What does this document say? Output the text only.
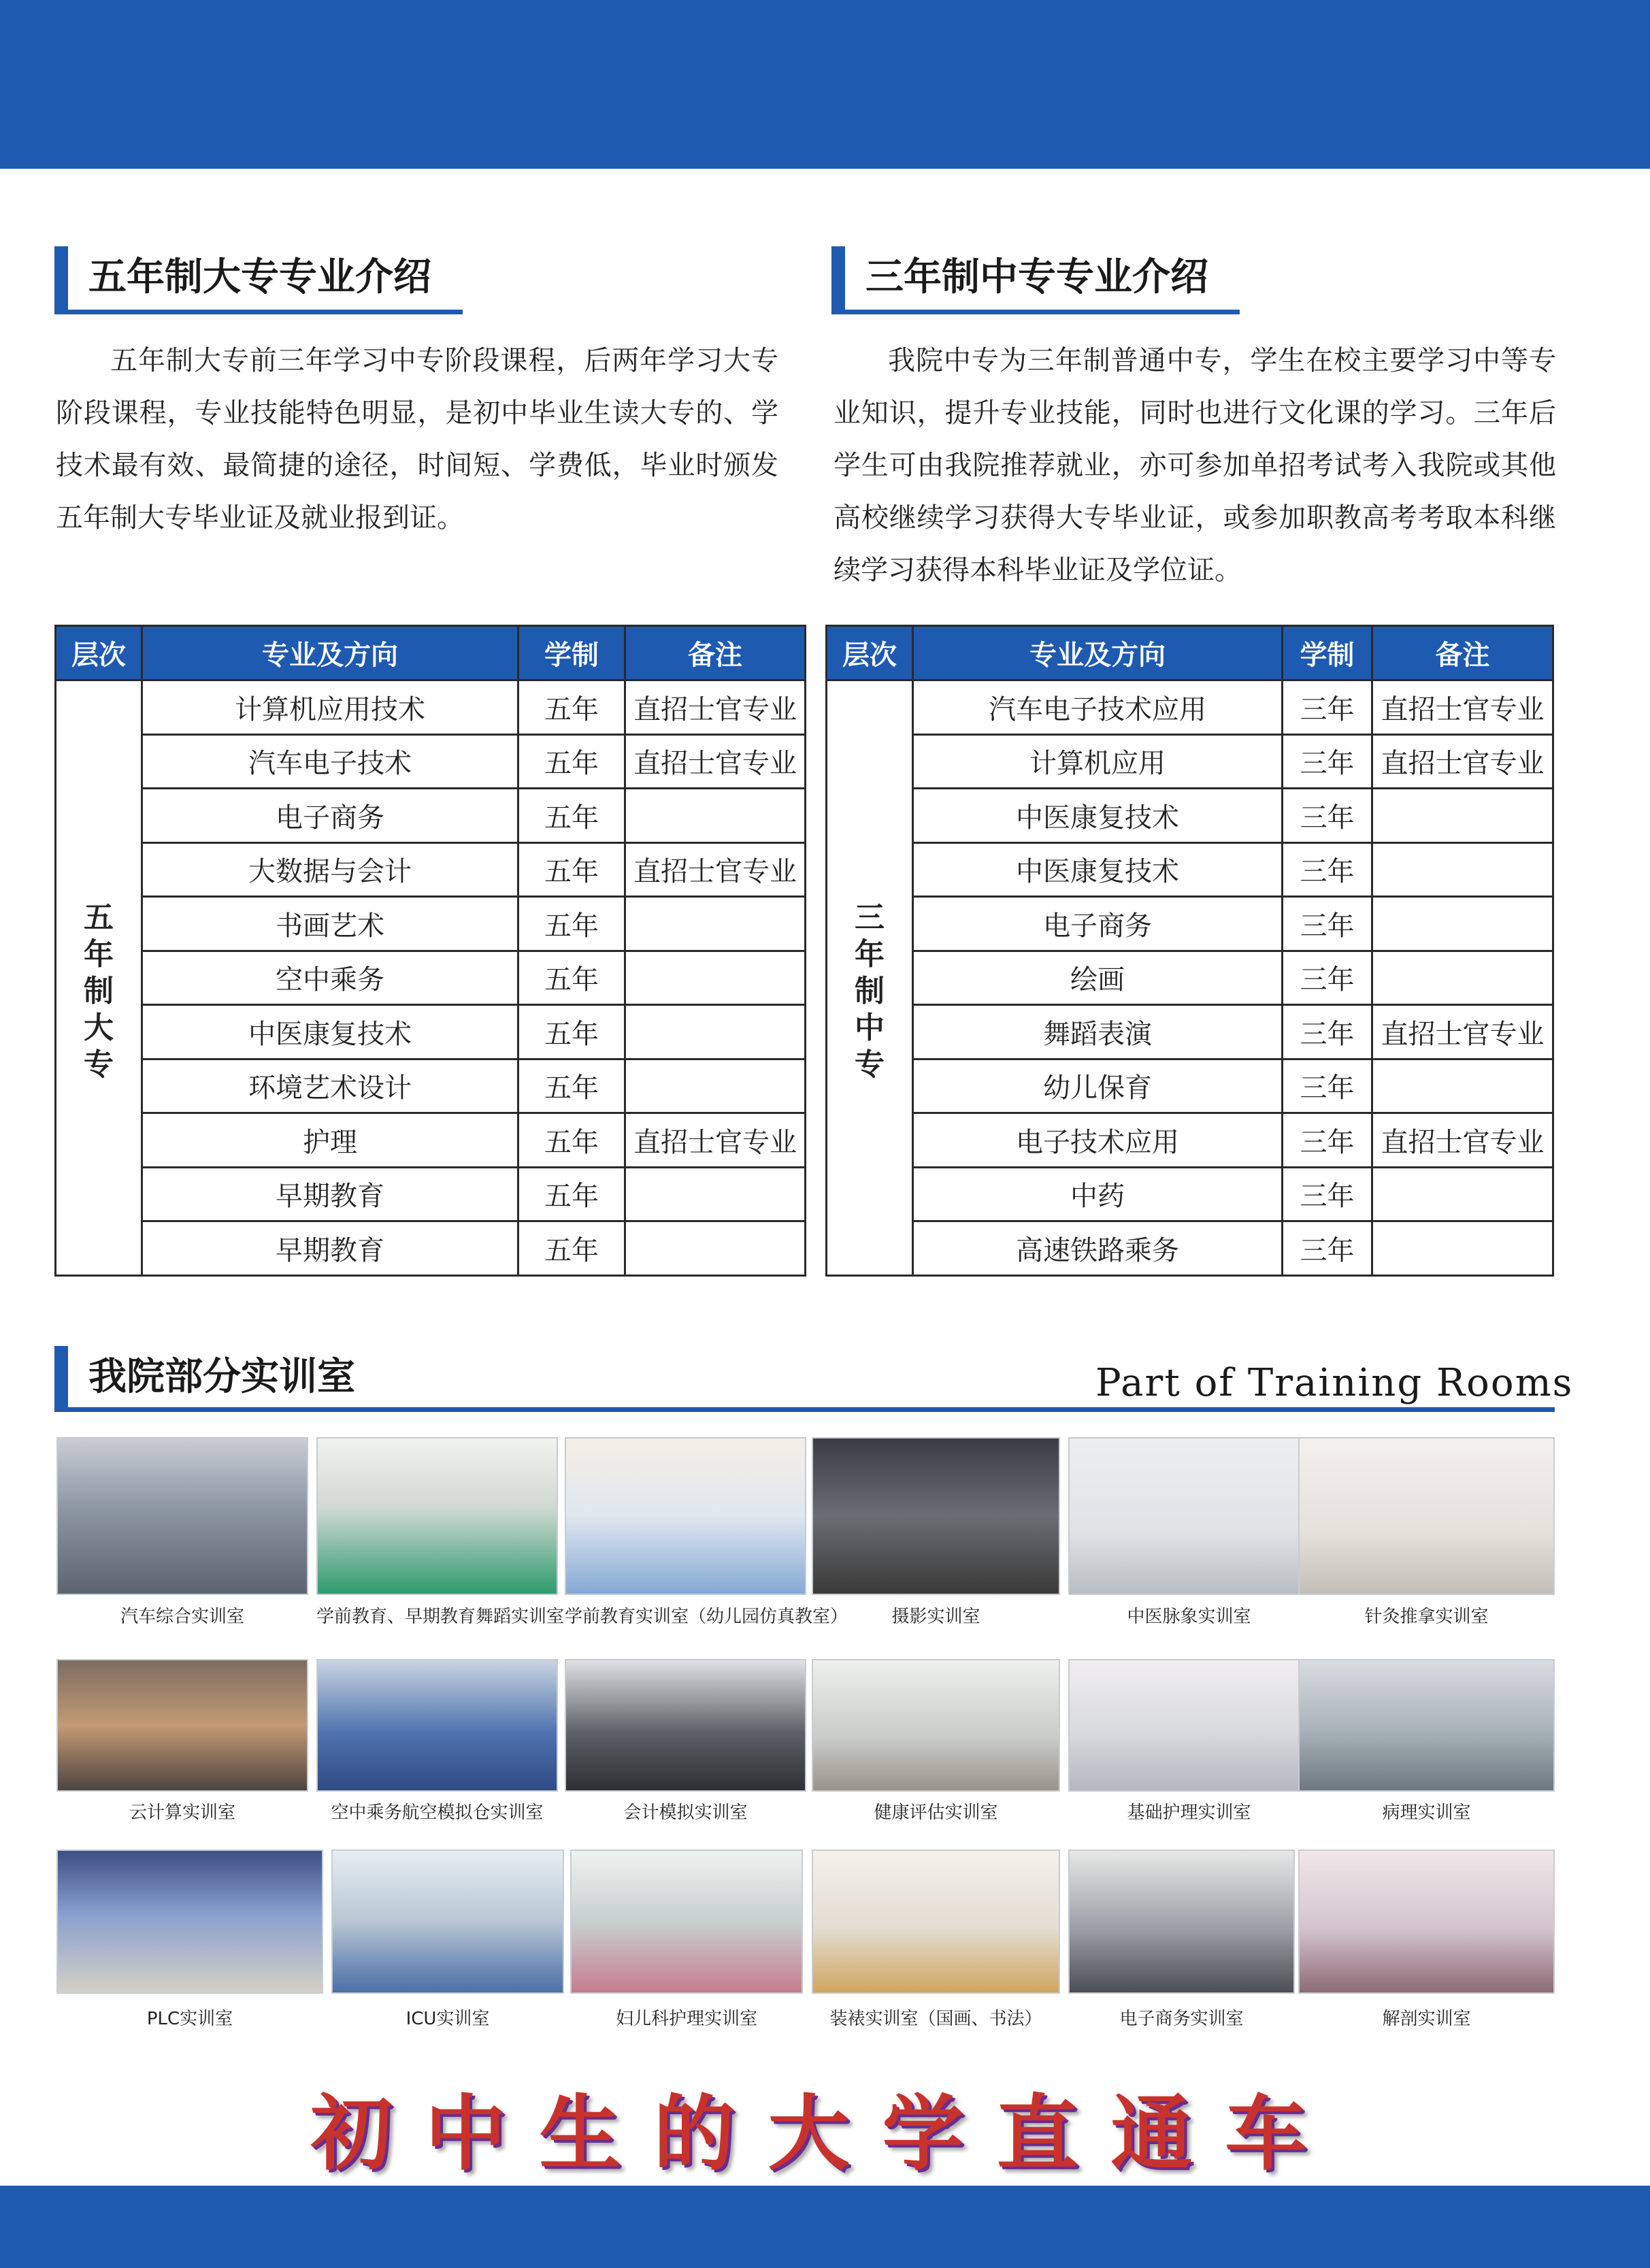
五年制大专专业介绍	三年制中专专业介绍
五年制大专前三年学习中专阶段课程，后两年学习大专阶段课程，专业技能特色明显，是初中毕业生读大专的、学技术最有效、最简捷的途径，时间短、学费低，毕业时颁发五年制大专毕业证及就业报到证。
我院中专为三年制普通中专，学生在校主要学习中等专业知识，提升专业技能，同时也进行文化课的学习。三年后学生可由我院推荐就业，亦可参加单招考试考入我院或其他高校继续学习获得大专毕业证，或参加职教高考考取本科继续学习获得本科毕业证及学位证。
层次	专业及方向	学制	备注

五年制大专	计算机应用技术	五年	直招士官专业
	汽车电子技术	五年	直招士官专业
	电子商务	五年	
	大数据与会计	五年	直招士官专业
	书画艺术	五年	
	空中乘务	五年	
	中医康复技术	五年	
	环境艺术设计	五年	
	护理	五年	直招士官专业
	早期教育	五年	
	早期教育	五年	
层次	专业及方向	学制	备注

三年制中专	汽车电子技术应用	三年	直招士官专业
	计算机应用	三年	直招士官专业
	中医康复技术	三年	
	中医康复技术	三年	
	电子商务	三年	
	绘画	三年	
	舞蹈表演	三年	直招士官专业
	幼儿保育	三年	
	电子技术应用	三年	直招士官专业
	中药	三年	
	高速铁路乘务	三年	
我院部分实训室	Part of Training Rooms
汽车综合实训室	学前教育、早期教育舞蹈实训室 学前教育实训室（幼儿园仿真教室）	摄影实训室	中医脉象实训室	针灸推拿实训室
云计算实训室	空中乘务航空模拟仓实训室	会计模拟实训室	健康评估实训室	基础护理实训室	病理实训室
PLC实训室	ICU实训室	妇儿科护理实训室	装裱实训室（国画、书法）	电子商务实训室	解剖实训室
初中生的大学直通车
